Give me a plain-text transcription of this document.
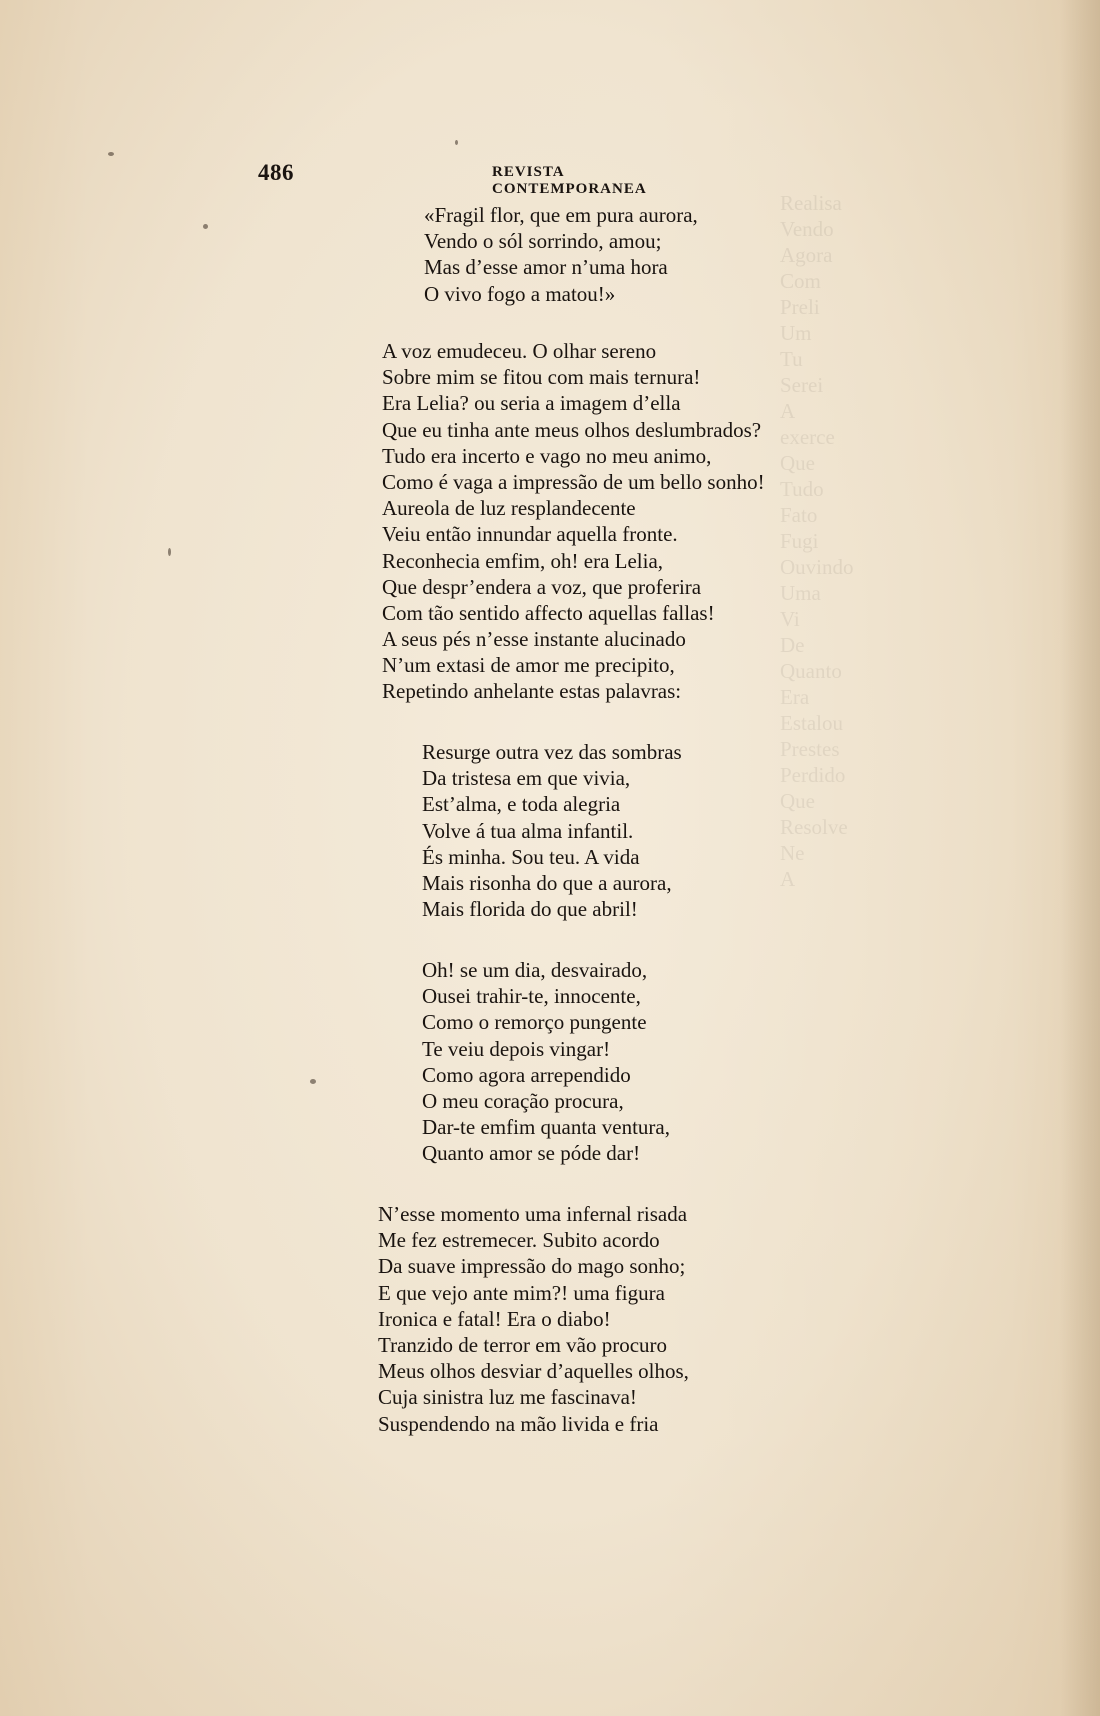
Realisa
Vendo
Agora
Com
Preli
Um
Tu
Serei
A
exerce
Que
Tudo
Fato
Fugi
Ouvindo
Uma
Vi
De
Quanto
Era
Estalou
Prestes
Perdido
Que
Resolve
Ne
A
486	REVISTA CONTEMPORANEA
«Fragil flor, que em pura aurora,
Vendo o sól sorrindo, amou;
Mas d’esse amor n’uma hora
O vivo fogo a matou!»
A voz emudeceu. O olhar sereno
Sobre mim se fitou com mais ternura!
Era Lelia? ou seria a imagem d’ella
Que eu tinha ante meus olhos deslumbrados?
Tudo era incerto e vago no meu animo,
Como é vaga a impressão de um bello sonho!
Aureola de luz resplandecente
Veiu então innundar aquella fronte.
Reconhecia emfim, oh! era Lelia,
Que despr’endera a voz, que proferira
Com tão sentido affecto aquellas fallas!
A seus pés n’esse instante alucinado
N’um extasi de amor me precipito,
Repetindo anhelante estas palavras:
Resurge outra vez das sombras
Da tristesa em que vivia,
Est’alma, e toda alegria
Volve á tua alma infantil.
És minha. Sou teu. A vida
Mais risonha do que a aurora,
Mais florida do que abril!
Oh! se um dia, desvairado,
Ousei trahir-te, innocente,
Como o remorço pungente
Te veiu depois vingar!
Como agora arrependido
O meu coração procura,
Dar-te emfim quanta ventura,
Quanto amor se póde dar!
N’esse momento uma infernal risada
Me fez estremecer. Subito acordo
Da suave impressão do mago sonho;
E que vejo ante mim?! uma figura
Ironica e fatal! Era o diabo!
Tranzido de terror em vão procuro
Meus olhos desviar d’aquelles olhos,
Cuja sinistra luz me fascinava!
Suspendendo na mão livida e fria
